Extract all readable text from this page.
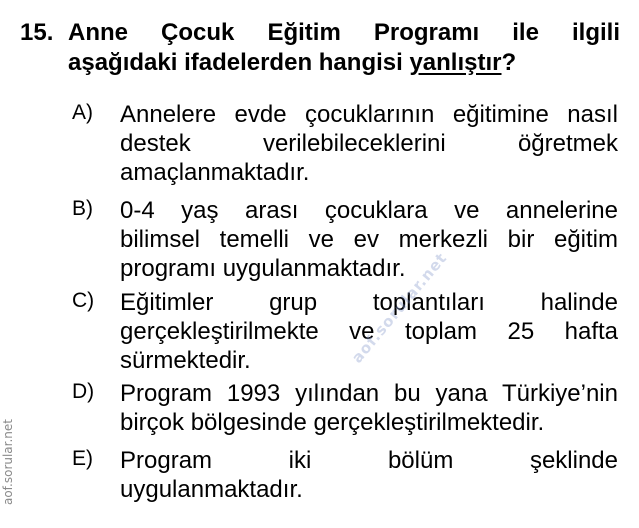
15. Anne Çocuk Eğitim Programı ile ilgili
aşağıdaki ifadelerden hangisi yanlıştır?
A)	Annelere evde çocuklarının eğitimine nasıl
destek verilebileceklerini öğretmek
amaçlanmaktadır.
B)	0-4 yaş arası çocuklara ve annelerine
bilimsel temelli ve ev merkezli bir eğitim
programı uygulanmaktadır.
C)	Eğitimler grup toplantıları halinde
gerçekleştirilmekte ve toplam 25 hafta
sürmektedir.
D)	Program 1993 yılından bu yana Türkiye’nin
birçok bölgesinde gerçekleştirilmektedir.
E)	Program iki bölüm şeklinde
uygulanmaktadır.
aof.sorular.net
aof.sorular.net
